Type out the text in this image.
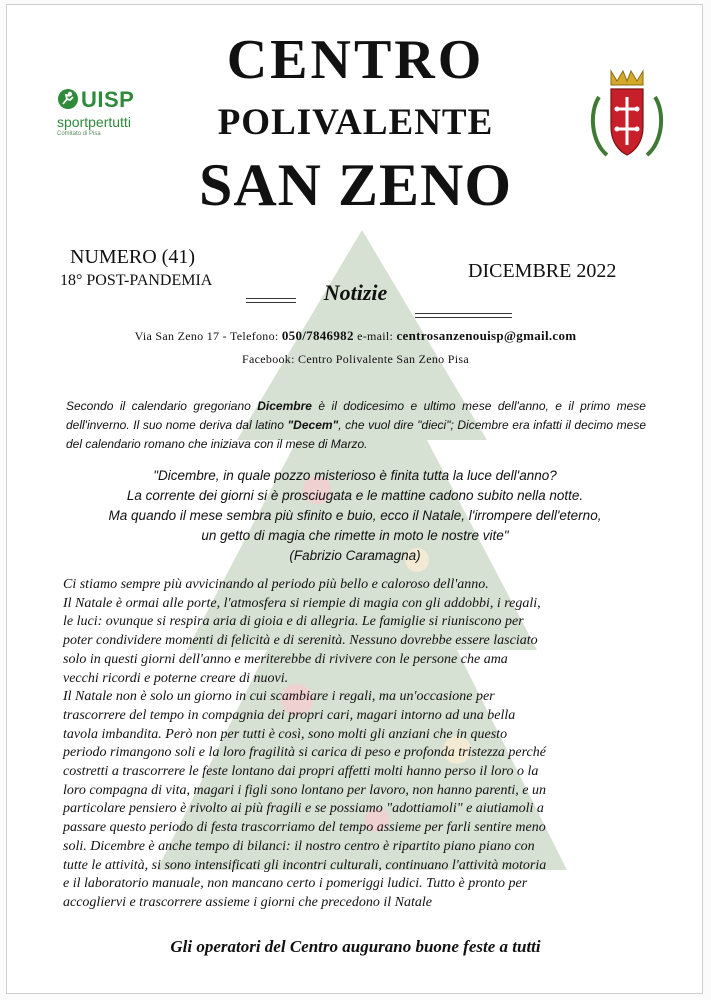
UISP
sportpertutti
Comitato di Pisa
CENTRO
POLIVALENTE
SAN ZENO
NUMERO (41)
18° POST-PANDEMIA	DICEMBRE 2022
Notizie
Via San Zeno 17 - Telefono: 050/7846982 e-mail: centrosanzenouisp@gmail.com
Facebook: Centro Polivalente San Zeno Pisa

Secondo il calendario gregoriano Dicembre è il dodicesimo e ultimo mese dell'anno, e il primo mese dell'inverno. Il suo nome deriva dal latino "Decem", che vuol dire "dieci"; Dicembre era infatti il decimo mese del calendario romano che iniziava con il mese di Marzo.

"Dicembre, in quale pozzo misterioso è finita tutta la luce dell'anno?
La corrente dei giorni si è prosciugata e le mattine cadono subito nella notte.
Ma quando il mese sembra più sfinito e buio, ecco il Natale, l'irrompere dell'eterno,
un getto di magia che rimette in moto le nostre vite"
(Fabrizio Caramagna)
Ci stiamo sempre più avvicinando al periodo più bello e caloroso dell'anno.
Il Natale è ormai alle porte, l'atmosfera si riempie di magia con gli addobbi, i regali,
le luci: ovunque si respira aria di gioia e di allegria. Le famiglie si riuniscono per
poter condividere momenti di felicità e di serenità. Nessuno dovrebbe essere lasciato
solo in questi giorni dell'anno e meriterebbe di rivivere con le persone che ama
vecchi ricordi e poterne creare di nuovi.
Il Natale non è solo un giorno in cui scambiare i regali, ma un'occasione per
trascorrere del tempo in compagnia dei propri cari, magari intorno ad una bella
tavola imbandita. Però non per tutti è così, sono molti gli anziani che in questo
periodo rimangono soli e la loro fragilità si carica di peso e profonda tristezza perché
costretti a trascorrere le feste lontano dai propri affetti molti hanno perso il loro o la
loro compagna di vita, magari i figli sono lontano per lavoro, non hanno parenti, e un
particolare pensiero è rivolto ai più fragili e se possiamo "adottiamoli" e aiutiamoli a
passare questo periodo di festa trascorriamo del tempo assieme per farli sentire meno
soli. Dicembre è anche tempo di bilanci: il nostro centro è ripartito piano piano con
tutte le attività, si sono intensificati gli incontri culturali, continuano l'attività motoria
e il laboratorio manuale, non mancano certo i pomeriggi ludici. Tutto è pronto per
accogliervi e trascorrere assieme i giorni che precedono il Natale
Gli operatori del Centro augurano buone feste a tutti
